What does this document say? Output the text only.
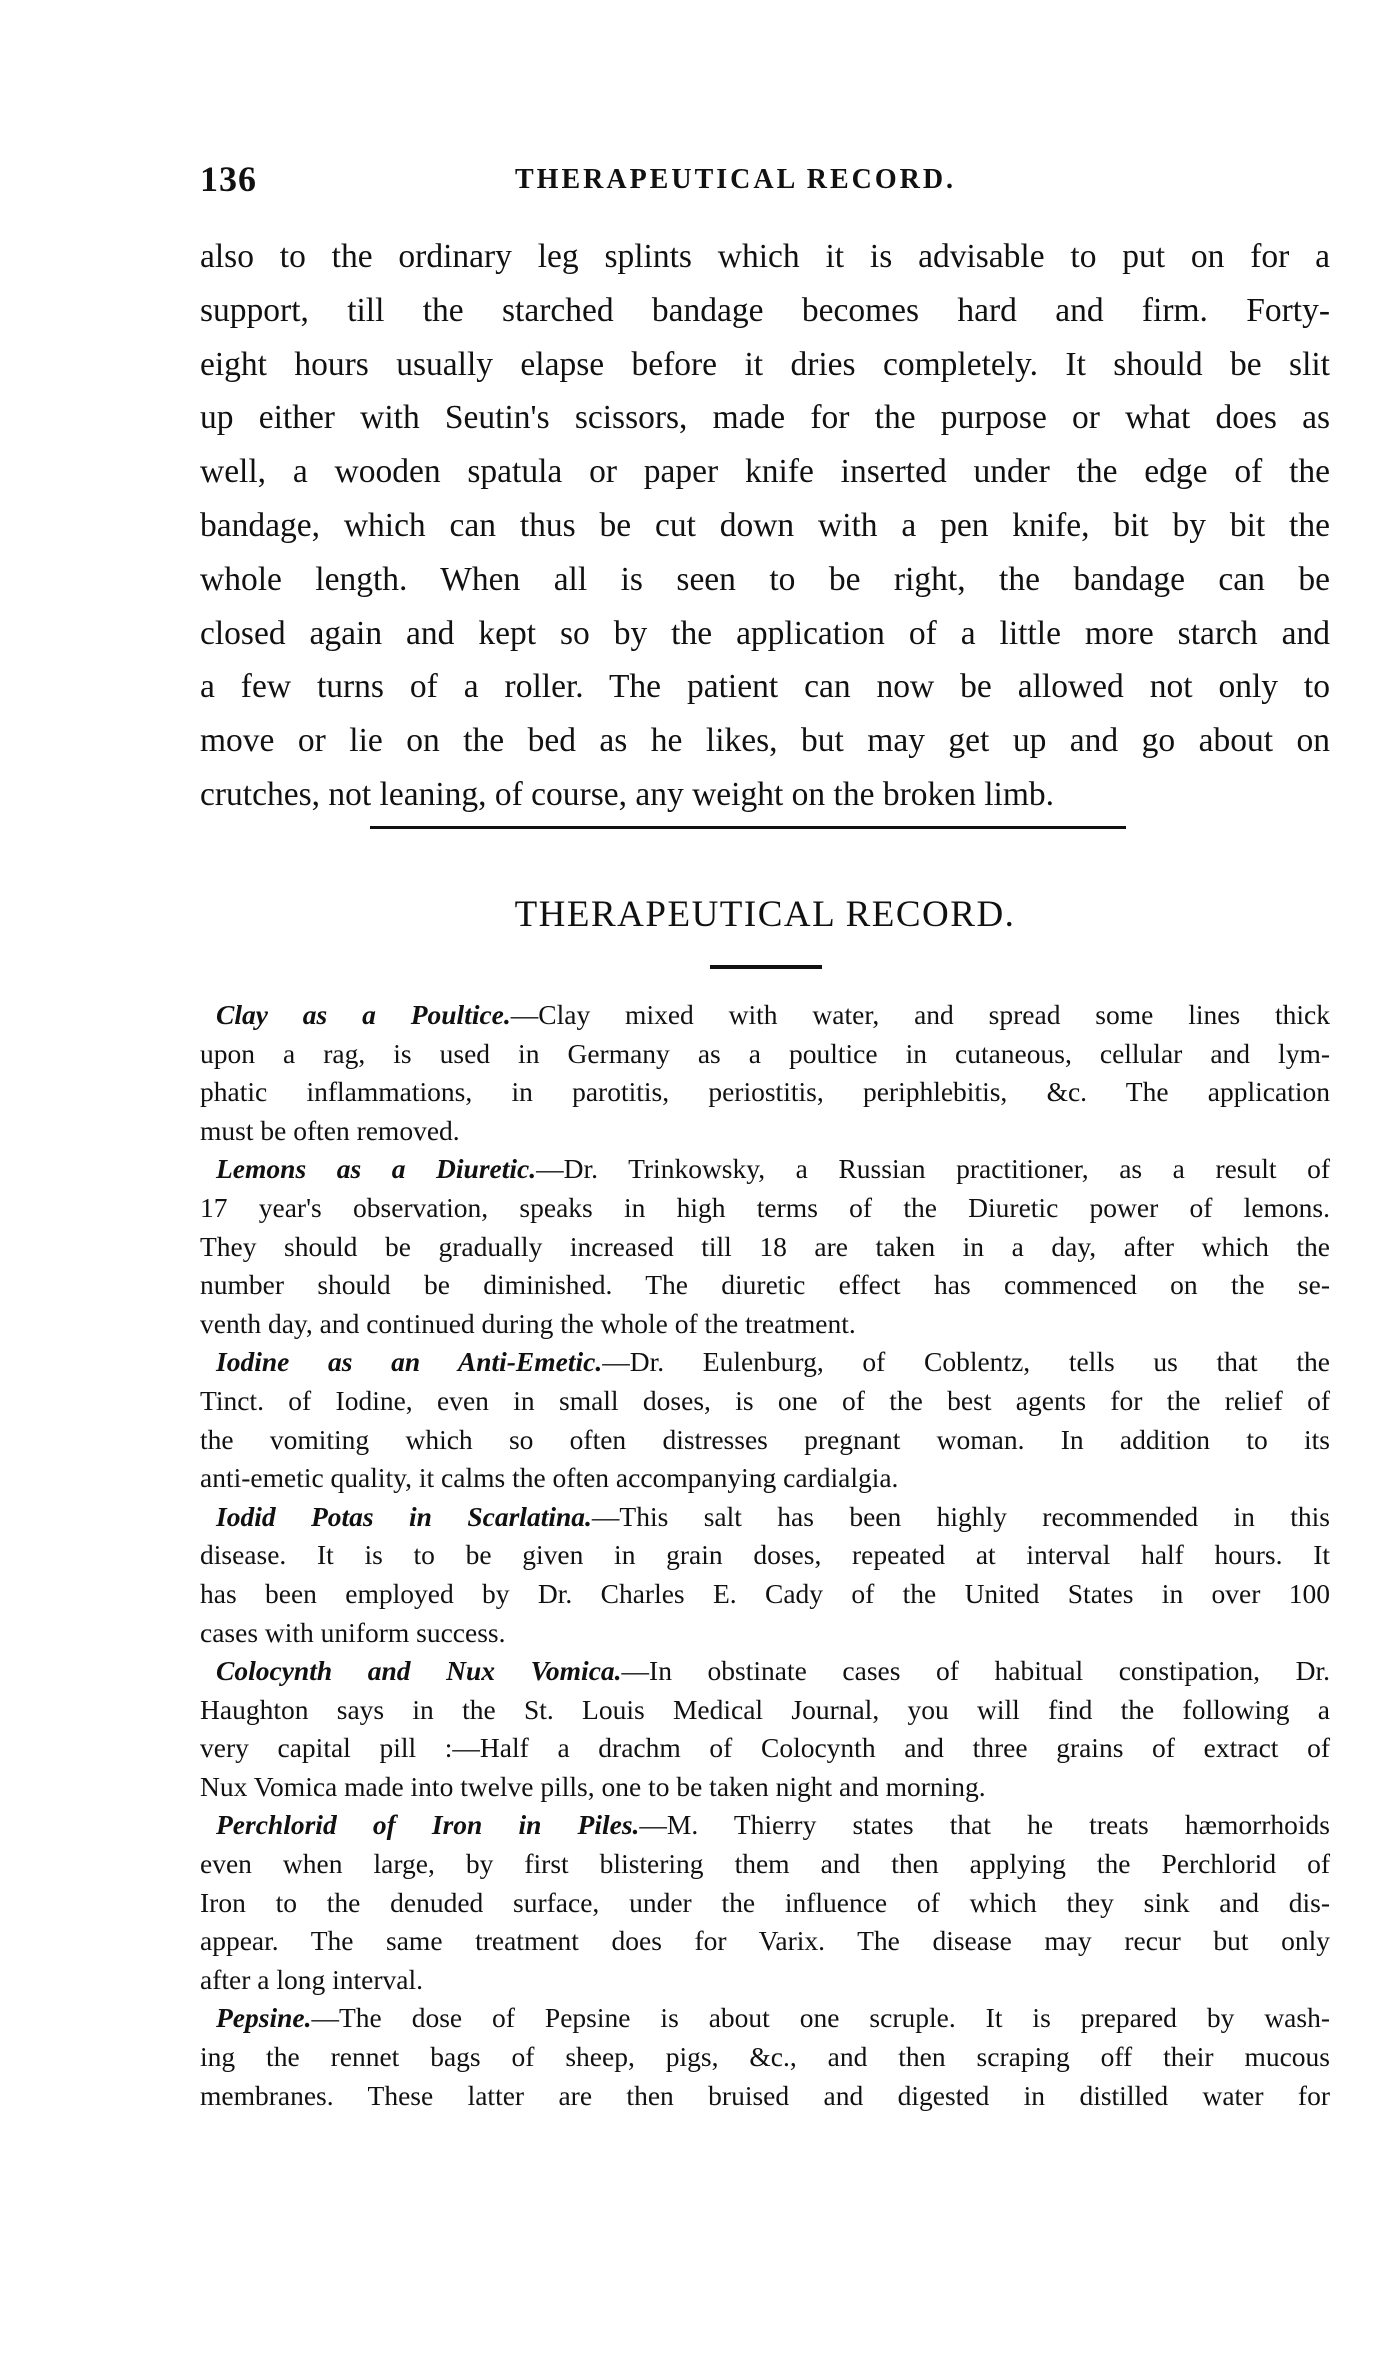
136	THERAPEUTICAL RECORD.
also to the ordinary leg splints which it is advisable to put on for a
support, till the starched bandage becomes hard and firm. Forty-
eight hours usually elapse before it dries completely. It should be slit
up either with Seutin's scissors, made for the purpose or what does as
well, a wooden spatula or paper knife inserted under the edge of the
bandage, which can thus be cut down with a pen knife, bit by bit the
whole length. When all is seen to be right, the bandage can be
closed again and kept so by the application of a little more starch and
a few turns of a roller. The patient can now be allowed not only to
move or lie on the bed as he likes, but may get up and go about on
crutches, not leaning, of course, any weight on the broken limb.
THERAPEUTICAL RECORD.
Clay as a Poultice.—Clay mixed with water, and spread some lines thick
upon a rag, is used in Germany as a poultice in cutaneous, cellular and lym-
phatic inflammations, in parotitis, periostitis, periphlebitis, &c. The application
must be often removed.
Lemons as a Diuretic.—Dr. Trinkowsky, a Russian practitioner, as a result of
17 year's observation, speaks in high terms of the Diuretic power of lemons.
They should be gradually increased till 18 are taken in a day, after which the
number should be diminished. The diuretic effect has commenced on the se-
venth day, and continued during the whole of the treatment.
Iodine as an Anti-Emetic.—Dr. Eulenburg, of Coblentz, tells us that the
Tinct. of Iodine, even in small doses, is one of the best agents for the relief of
the vomiting which so often distresses pregnant woman. In addition to its
anti-emetic quality, it calms the often accompanying cardialgia.
Iodid Potas in Scarlatina.—This salt has been highly recommended in this
disease. It is to be given in grain doses, repeated at interval half hours. It
has been employed by Dr. Charles E. Cady of the United States in over 100
cases with uniform success.
Colocynth and Nux Vomica.—In obstinate cases of habitual constipation, Dr.
Haughton says in the St. Louis Medical Journal, you will find the following a
very capital pill :—Half a drachm of Colocynth and three grains of extract of
Nux Vomica made into twelve pills, one to be taken night and morning.
Perchlorid of Iron in Piles.—M. Thierry states that he treats hæmorrhoids
even when large, by first blistering them and then applying the Perchlorid of
Iron to the denuded surface, under the influence of which they sink and dis-
appear. The same treatment does for Varix. The disease may recur but only
after a long interval.
Pepsine.—The dose of Pepsine is about one scruple. It is prepared by wash-
ing the rennet bags of sheep, pigs, &c., and then scraping off their mucous
membranes. These latter are then bruised and digested in distilled water for
